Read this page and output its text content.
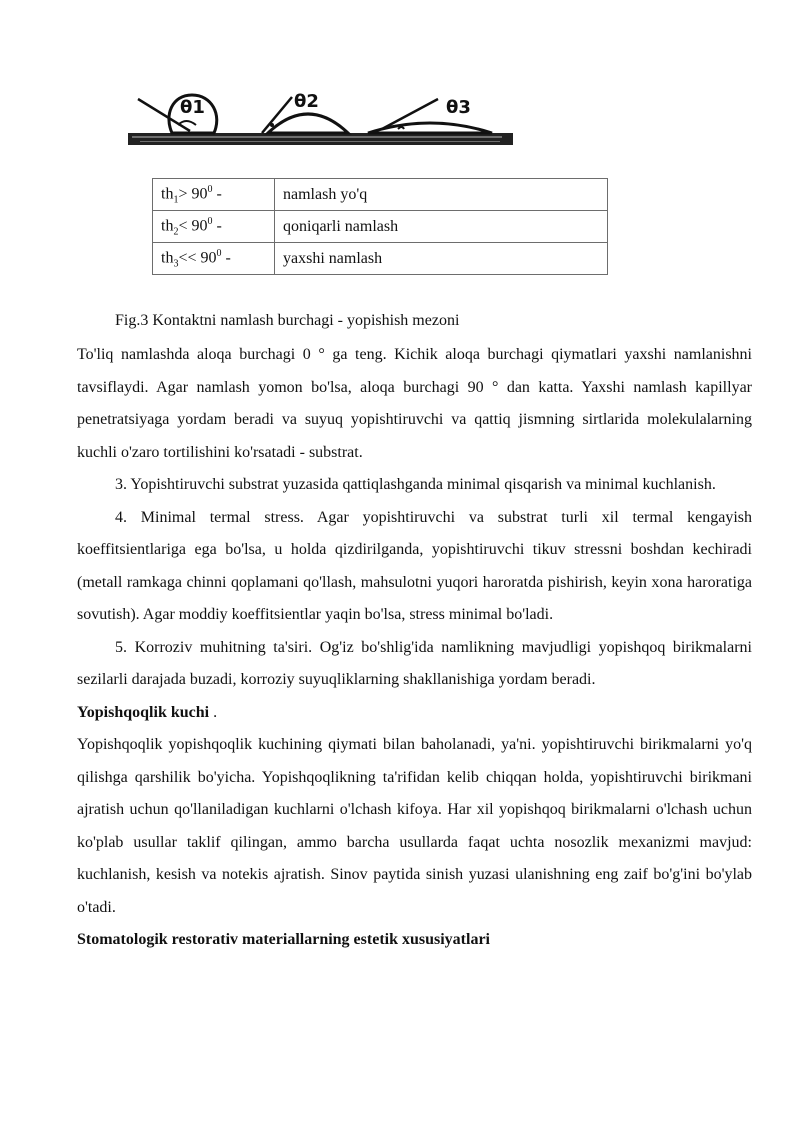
θ1	θ2	θ3
$th_1> 90^0$ -	namlash yo'q
$th_2< 90^0$ -	qoniqarli namlash
$th_3<< 90^0$ -	yaxshi namlash
Fig.3 Kontaktni namlash burchagi - yopishish mezoni

To'liq namlashda aloqa burchagi 0 ° ga teng. Kichik aloqa burchagi qiymatlari yaxshi namlanishni tavsiflaydi. Agar namlash yomon bo'lsa, aloqa burchagi 90 ° dan katta. Yaxshi namlash kapillyar penetratsiyaga yordam beradi va suyuq yopishtiruvchi va qattiq jismning sirtlarida molekulalarning kuchli o'zaro tortilishini ko'rsatadi - substrat.

3. Yopishtiruvchi substrat yuzasida qattiqlashganda minimal qisqarish va minimal kuchlanish.

4. Minimal termal stress. Agar yopishtiruvchi va substrat turli xil termal kengayish koeffitsientlariga ega bo'lsa, u holda qizdirilganda, yopishtiruvchi tikuv stressni boshdan kechiradi (metall ramkaga chinni qoplamani qo'llash, mahsulotni yuqori haroratda pishirish, keyin xona haroratiga sovutish). Agar moddiy koeffitsientlar yaqin bo'lsa, stress minimal bo'ladi.

5. Korroziv muhitning ta'siri. Og'iz bo'shlig'ida namlikning mavjudligi yopishqoq birikmalarni sezilarli darajada buzadi, korroziy suyuqliklarning shakllanishiga yordam beradi.

Yopishqoqlik kuchi .

Yopishqoqlik yopishqoqlik kuchining qiymati bilan baholanadi, ya'ni. yopishtiruvchi birikmalarni yo'q qilishga qarshilik bo'yicha. Yopishqoqlikning ta'rifidan kelib chiqqan holda, yopishtiruvchi birikmani ajratish uchun qo'llaniladigan kuchlarni o'lchash kifoya. Har xil yopishqoq birikmalarni o'lchash uchun ko'plab usullar taklif qilingan, ammo barcha usullarda faqat uchta nosozlik mexanizmi mavjud: kuchlanish, kesish va notekis ajratish. Sinov paytida sinish yuzasi ulanishning eng zaif bo'g'ini bo'ylab o'tadi.

Stomatologik restorativ materiallarning estetik xususiyatlari
